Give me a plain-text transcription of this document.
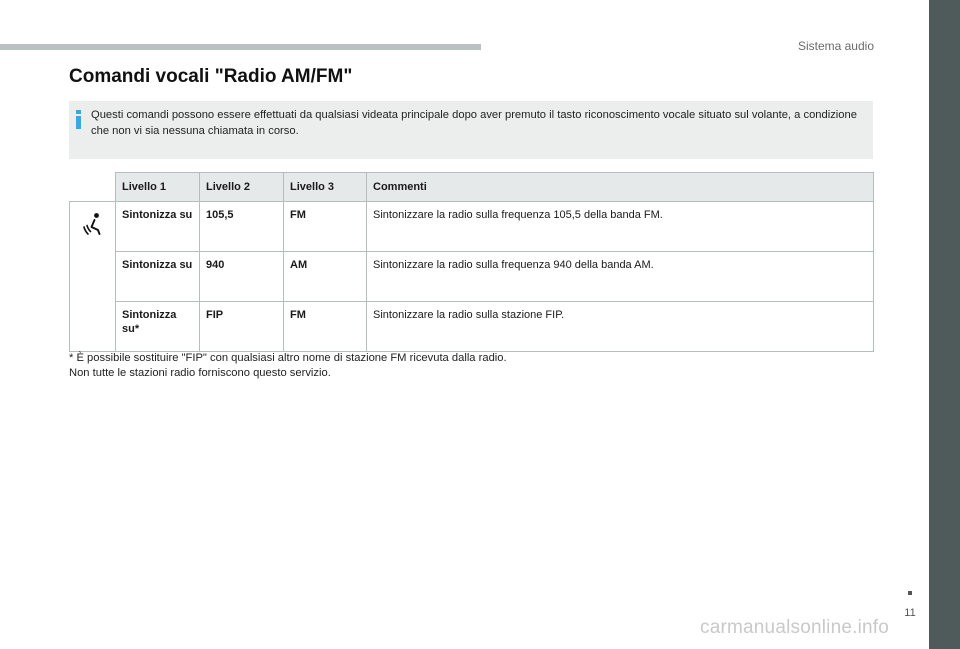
Sistema audio
Comandi vocali "Radio AM/FM"

Questi comandi possono essere effettuati da qualsiasi videata principale dopo aver premuto il tasto riconoscimento vocale situato sul volante, a condizione che non vi sia nessuna chiamata in corso.

	Livello 1	Livello 2	Livello 3	Commenti
	Sintonizza su	105,5	FM	Sintonizzare la radio sulla frequenza 105,5 della banda FM.
	Sintonizza su	940	AM	Sintonizzare la radio sulla frequenza 940 della banda AM.
	Sintonizza su*	FIP	FM	Sintonizzare la radio sulla stazione FIP.
* È possibile sostituire "FIP" con qualsiasi altro nome di stazione FM ricevuta dalla radio.
Non tutte le stazioni radio forniscono questo servizio.
11
carmanualsonline.info
